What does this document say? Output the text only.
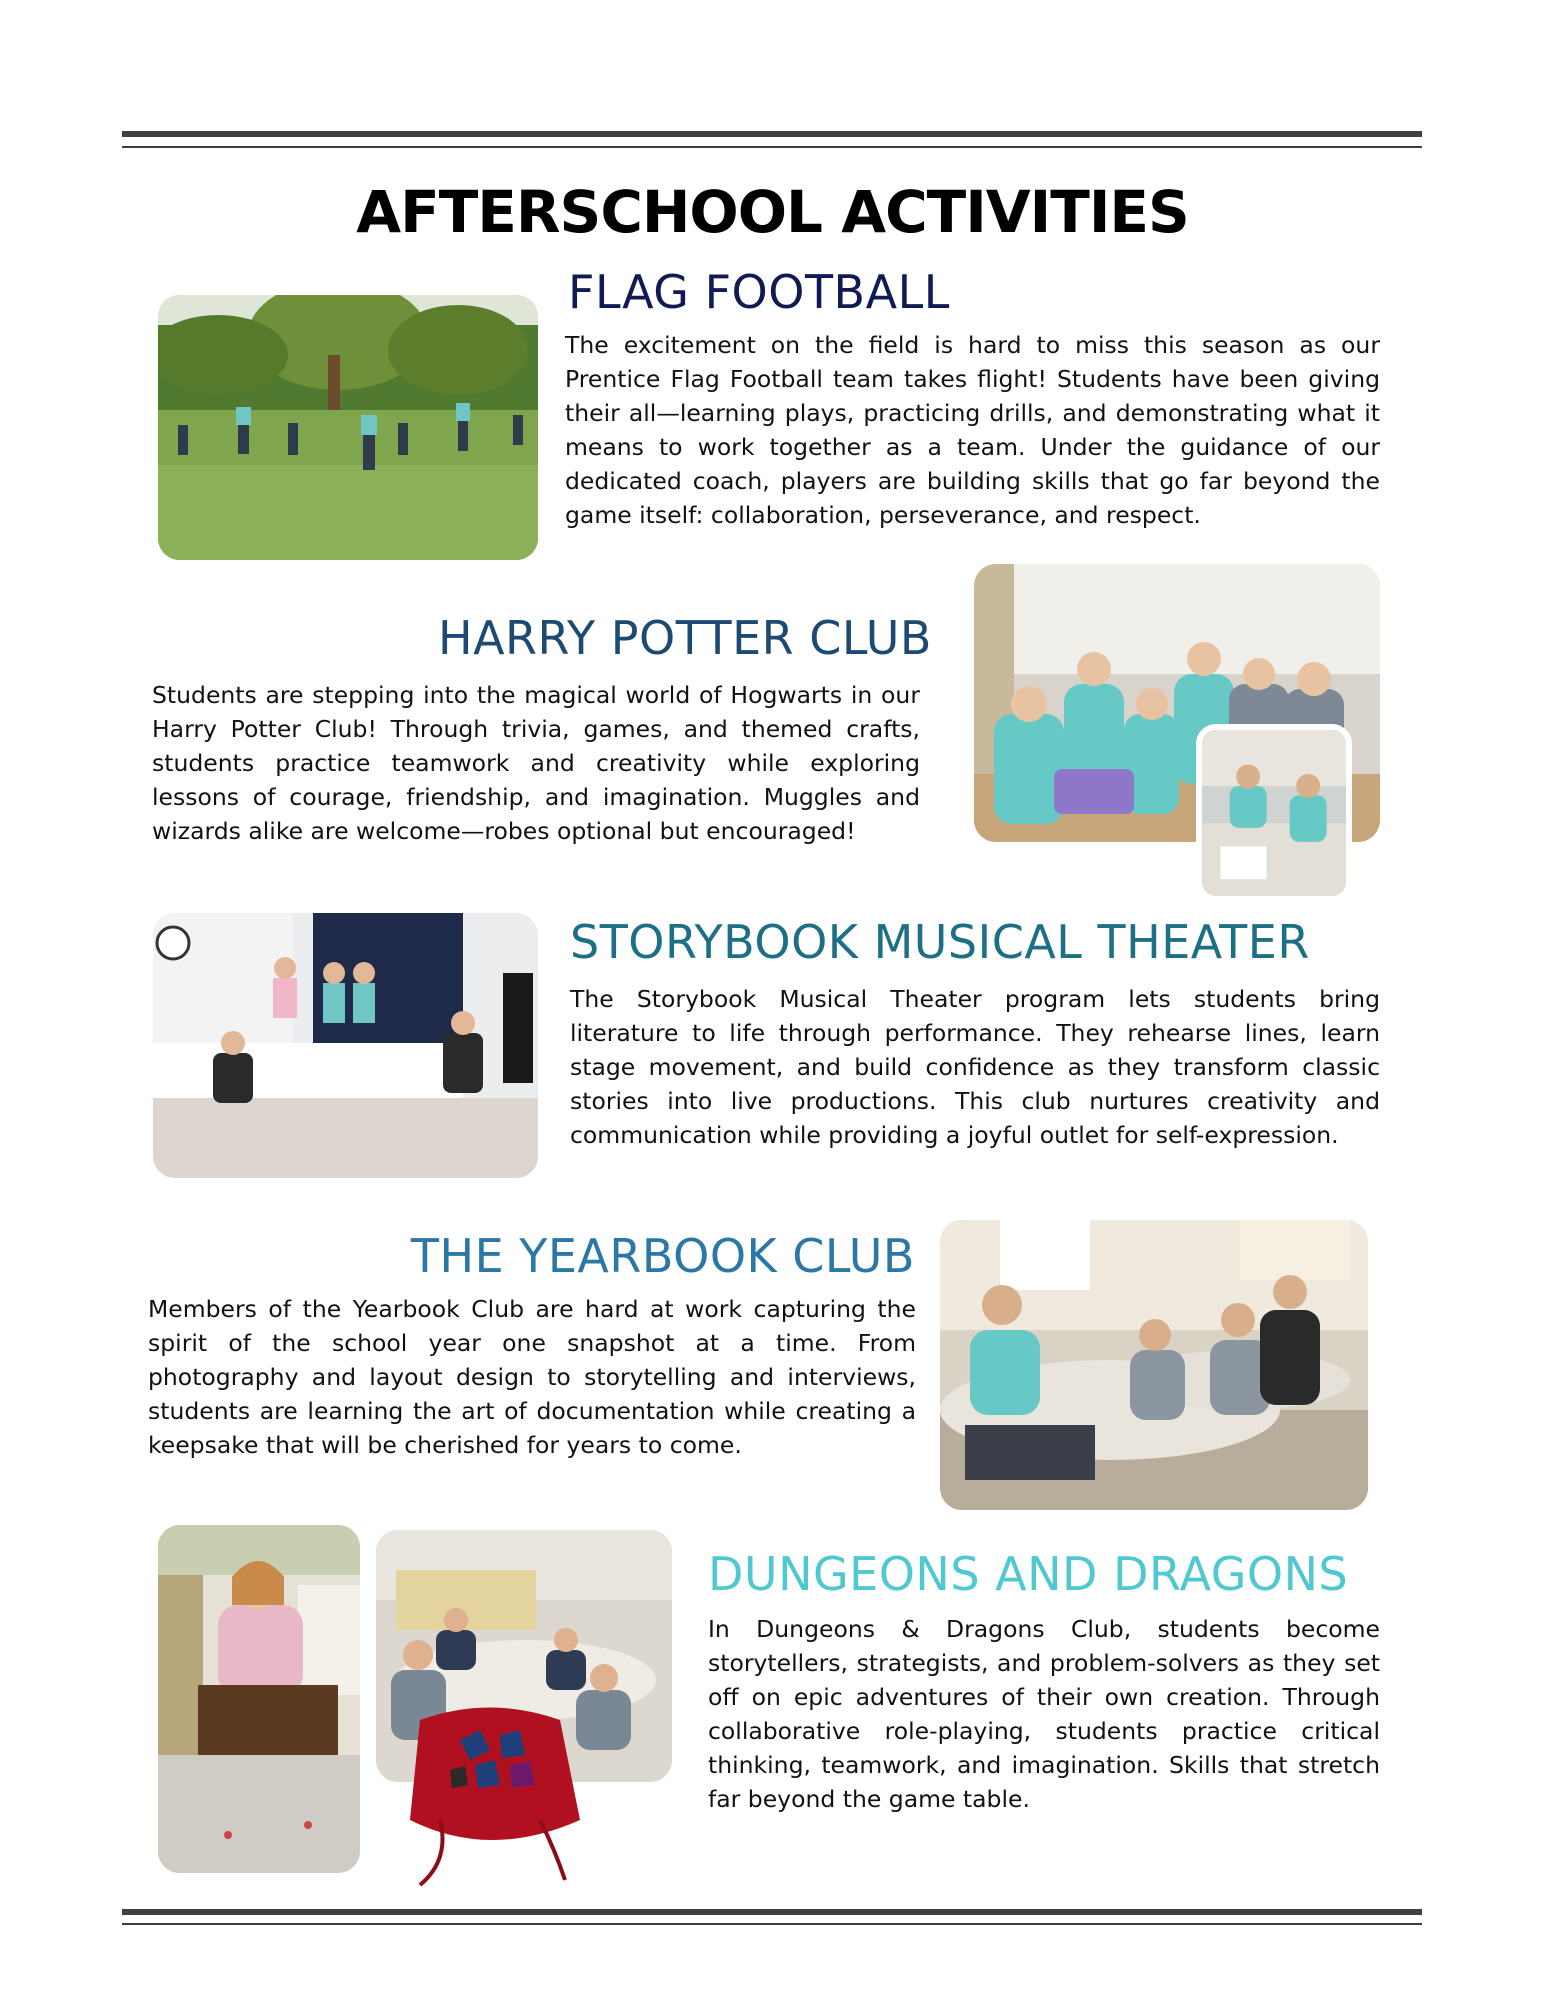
AFTERSCHOOL ACTIVITIES
FLAG FOOTBALL

The excitement on the field is hard to miss this season as our Prentice Flag Football team takes flight! Students have been giving their all—learning plays, practicing drills, and demonstrating what it means to work together as a team. Under the guidance of our dedicated coach, players are building skills that go far beyond the game itself: collaboration, perseverance, and respect.

HARRY POTTER CLUB

Students are stepping into the magical world of Hogwarts in our Harry Potter Club! Through trivia, games, and themed crafts, students practice teamwork and creativity while exploring lessons of courage, friendship, and imagination. Muggles and wizards alike are welcome—robes optional but encouraged!

STORYBOOK MUSICAL THEATER

The Storybook Musical Theater program lets students bring literature to life through performance. They rehearse lines, learn stage movement, and build confidence as they transform classic stories into live productions. This club nurtures creativity and communication while providing a joyful outlet for self-expression.

THE YEARBOOK CLUB

Members of the Yearbook Club are hard at work capturing the spirit of the school year one snapshot at a time. From photography and layout design to storytelling and interviews, students are learning the art of documentation while creating a keepsake that will be cherished for years to come.

DUNGEONS AND DRAGONS

In Dungeons & Dragons Club, students become storytellers, strategists, and problem-solvers as they set off on epic adventures of their own creation. Through collaborative role-playing, students practice critical thinking, teamwork, and imagination. Skills that stretch far beyond the game table.
